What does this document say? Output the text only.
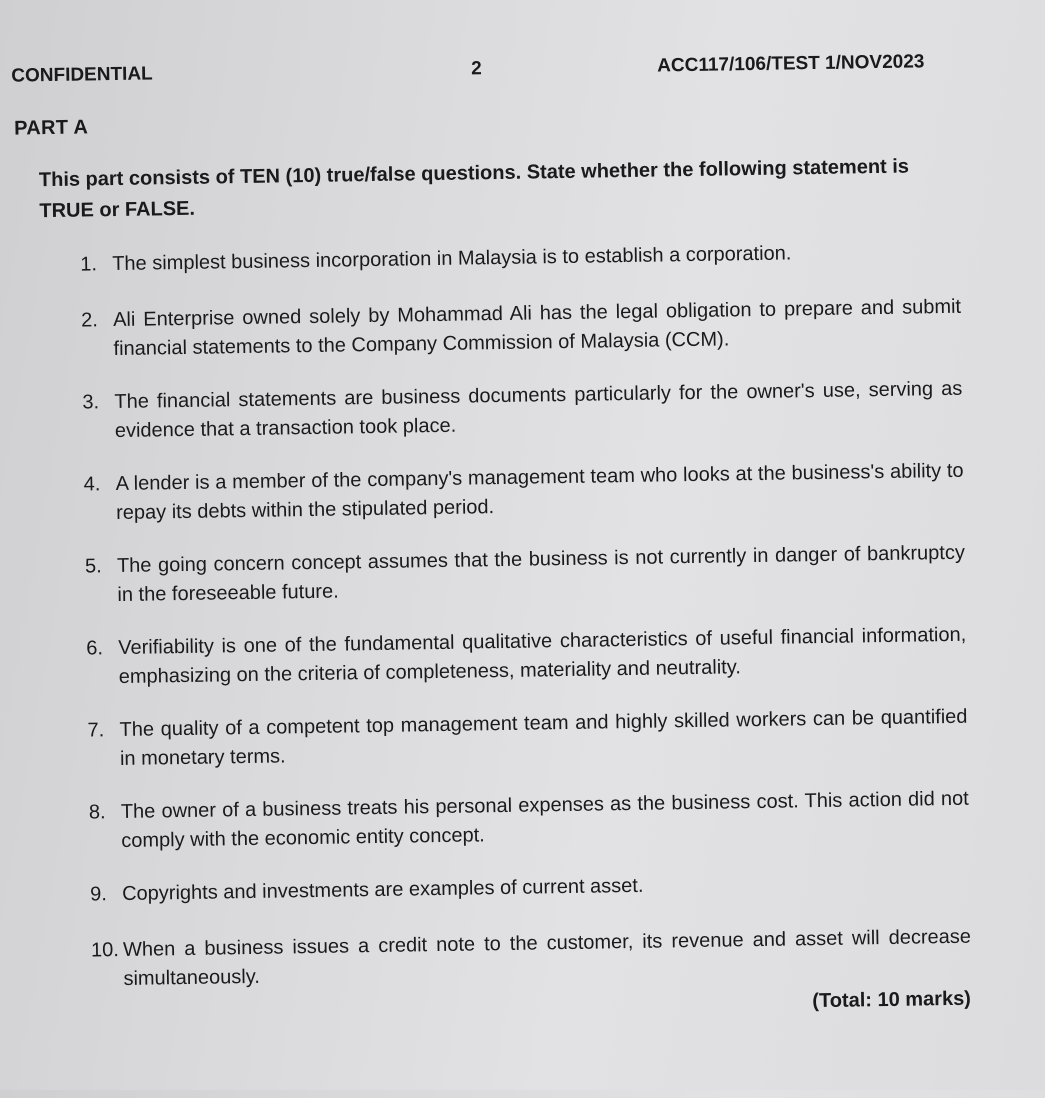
CONFIDENTIAL	2	ACC117/106/TEST 1/NOV2023
PART A
This part consists of TEN (10) true/false questions. State whether the following statement is TRUE or FALSE.
1. The simplest business incorporation in Malaysia is to establish a corporation.
2. Ali Enterprise owned solely by Mohammad Ali has the legal obligation to prepare and submit financial statements to the Company Commission of Malaysia (CCM).
3. The financial statements are business documents particularly for the owner's use, serving as evidence that a transaction took place.
4. A lender is a member of the company's management team who looks at the business's ability to repay its debts within the stipulated period.
5. The going concern concept assumes that the business is not currently in danger of bankruptcy in the foreseeable future.
6. Verifiability is one of the fundamental qualitative characteristics of useful financial information, emphasizing on the criteria of completeness, materiality and neutrality.
7. The quality of a competent top management team and highly skilled workers can be quantified in monetary terms.
8. The owner of a business treats his personal expenses as the business cost. This action did not comply with the economic entity concept.
9. Copyrights and investments are examples of current asset.
10. When a business issues a credit note to the customer, its revenue and asset will decrease simultaneously.
(Total: 10 marks)
